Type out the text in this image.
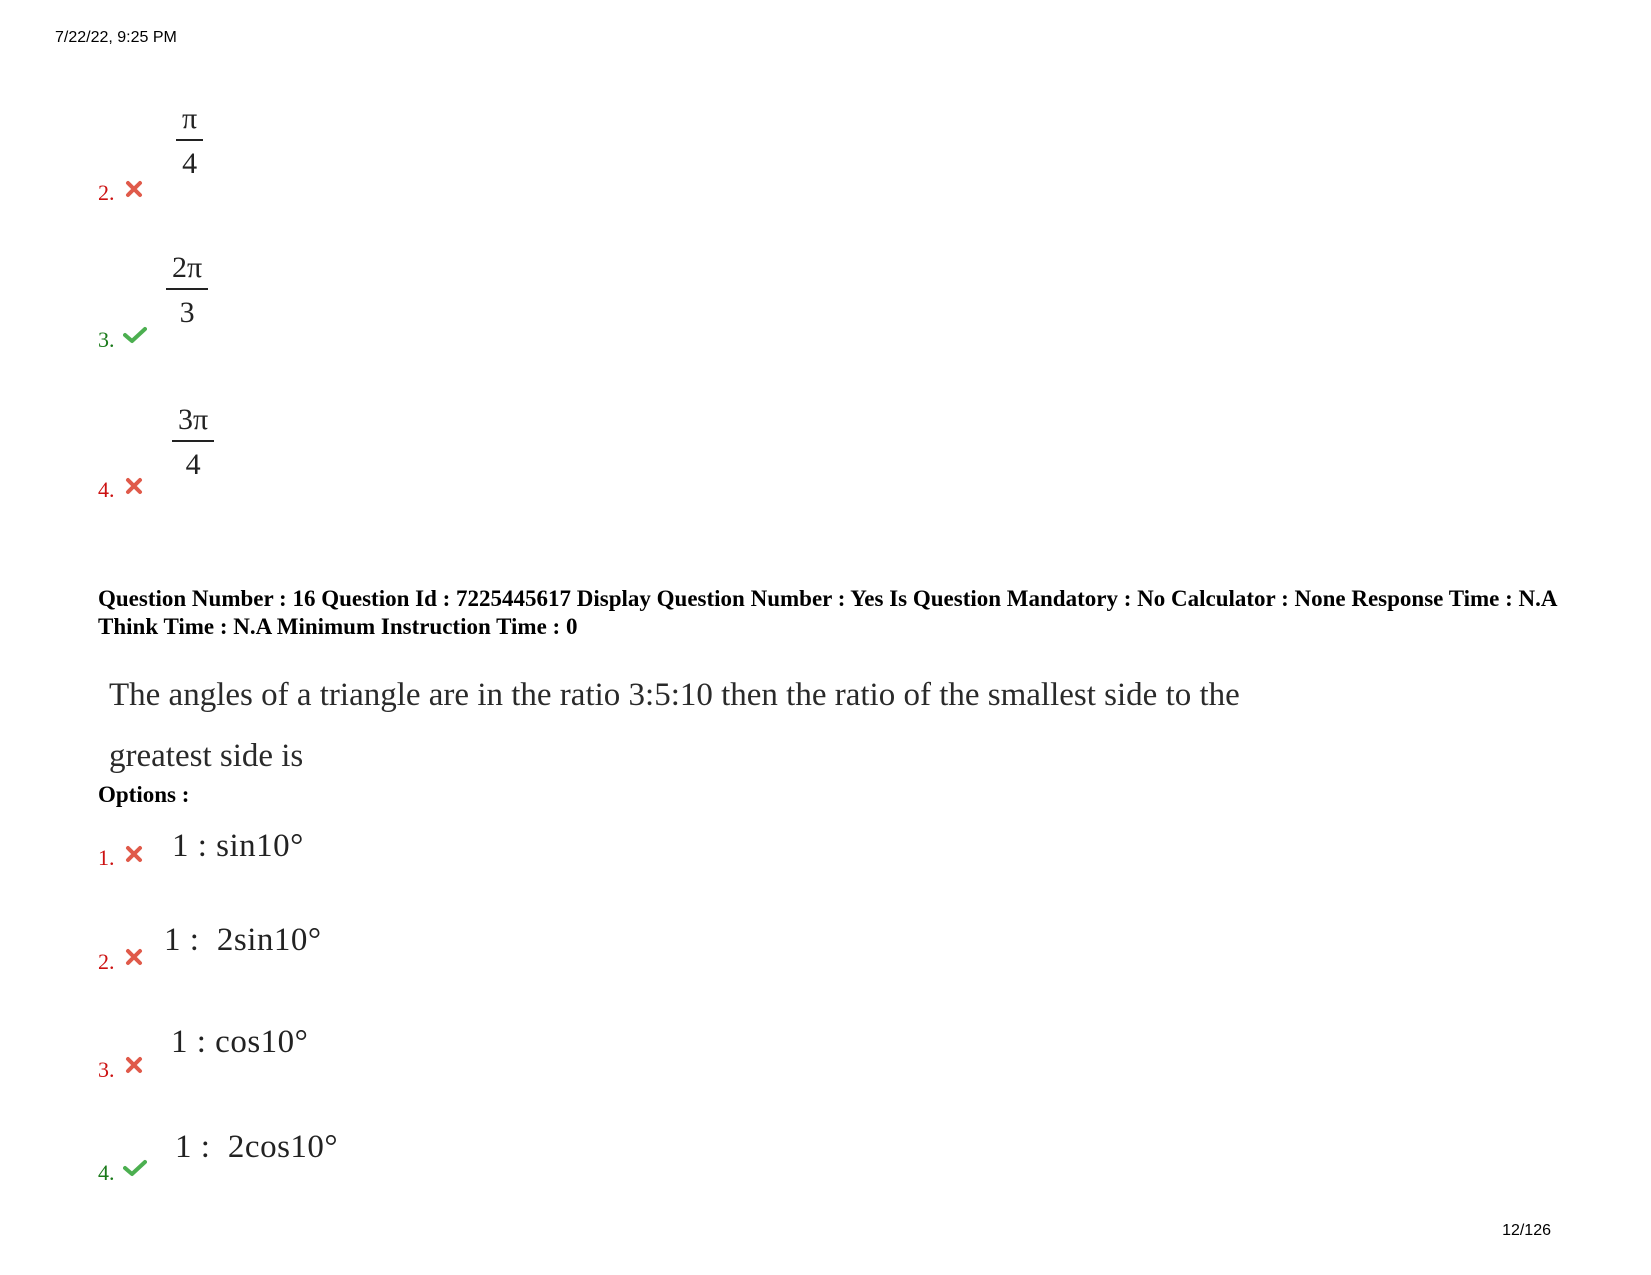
7/22/22, 9:25 PM
2.
π
4
3.
2π
3
4.
3π
4
Question Number : 16 Question Id : 7225445617 Display Question Number : Yes Is Question Mandatory : No Calculator : None Response Time : N.A Think Time : N.A Minimum Instruction Time : 0
The angles of a triangle are in the ratio 3:5:10 then the ratio of the smallest side to the
greatest side is
Options :
1. 1 : sin10°
2.
1 :  2sin10°
3.
1 : cos10°
4.
1 :  2cos10°
12/126
